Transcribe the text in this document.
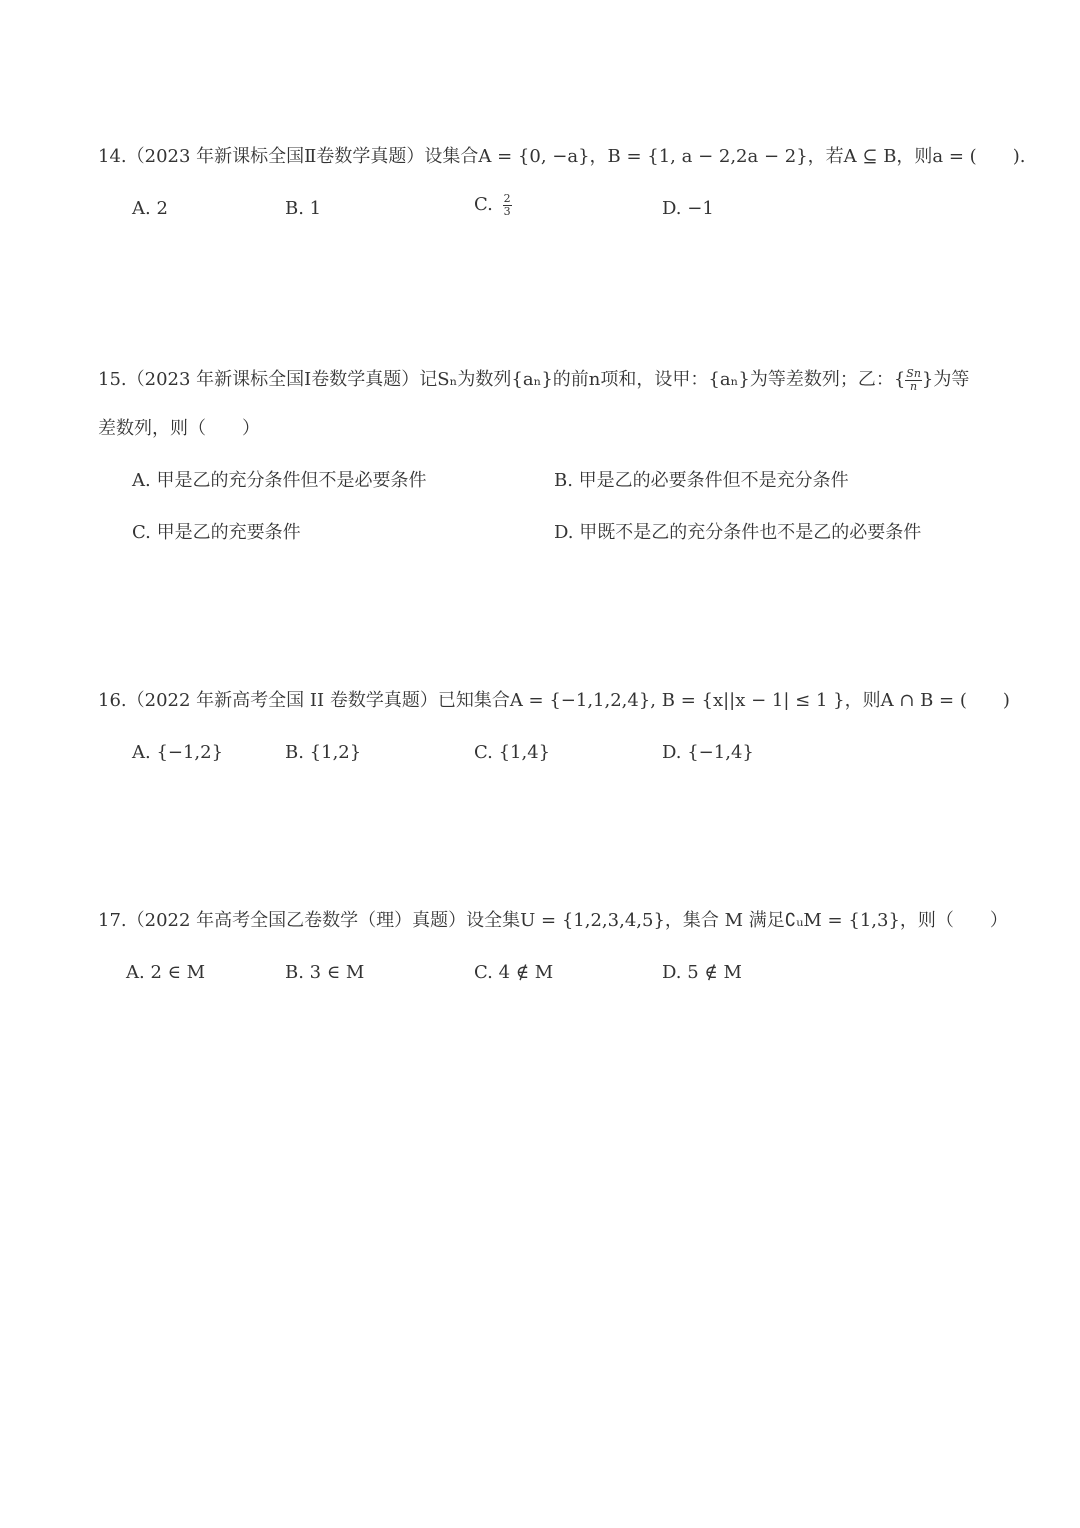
14.（2023 年新课标全国Ⅱ卷数学真题）设集合A = {0, −a}，B = {1, a − 2,2a − 2}，若A ⊆ B，则a = (　　).
A. 2	B. 1	C. $\frac{2}{3}$	D. −1
15.（2023 年新课标全国Ⅰ卷数学真题）记Sₙ为数列{aₙ}的前n项和，设甲：{aₙ}为等差数列；乙：{ $\frac{Sn}{n}$ }为等
差数列，则（　　）
A. 甲是乙的充分条件但不是必要条件	B. 甲是乙的必要条件但不是充分条件
C. 甲是乙的充要条件	D. 甲既不是乙的充分条件也不是乙的必要条件
16.（2022 年新高考全国 II 卷数学真题）已知集合A = {−1,1,2,4}, B = {x||x − 1| ≤ 1 }，则A ∩ B = (　　)
A. {−1,2}	B. {1,2}	C. {1,4}	D. {−1,4}
17.（2022 年高考全国乙卷数学（理）真题）设全集U = {1,2,3,4,5}，集合 M 满足∁ᵤM = {1,3}，则（　　）
A. 2 ∈ M	B. 3 ∈ M	C. 4 ∉ M	D. 5 ∉ M
